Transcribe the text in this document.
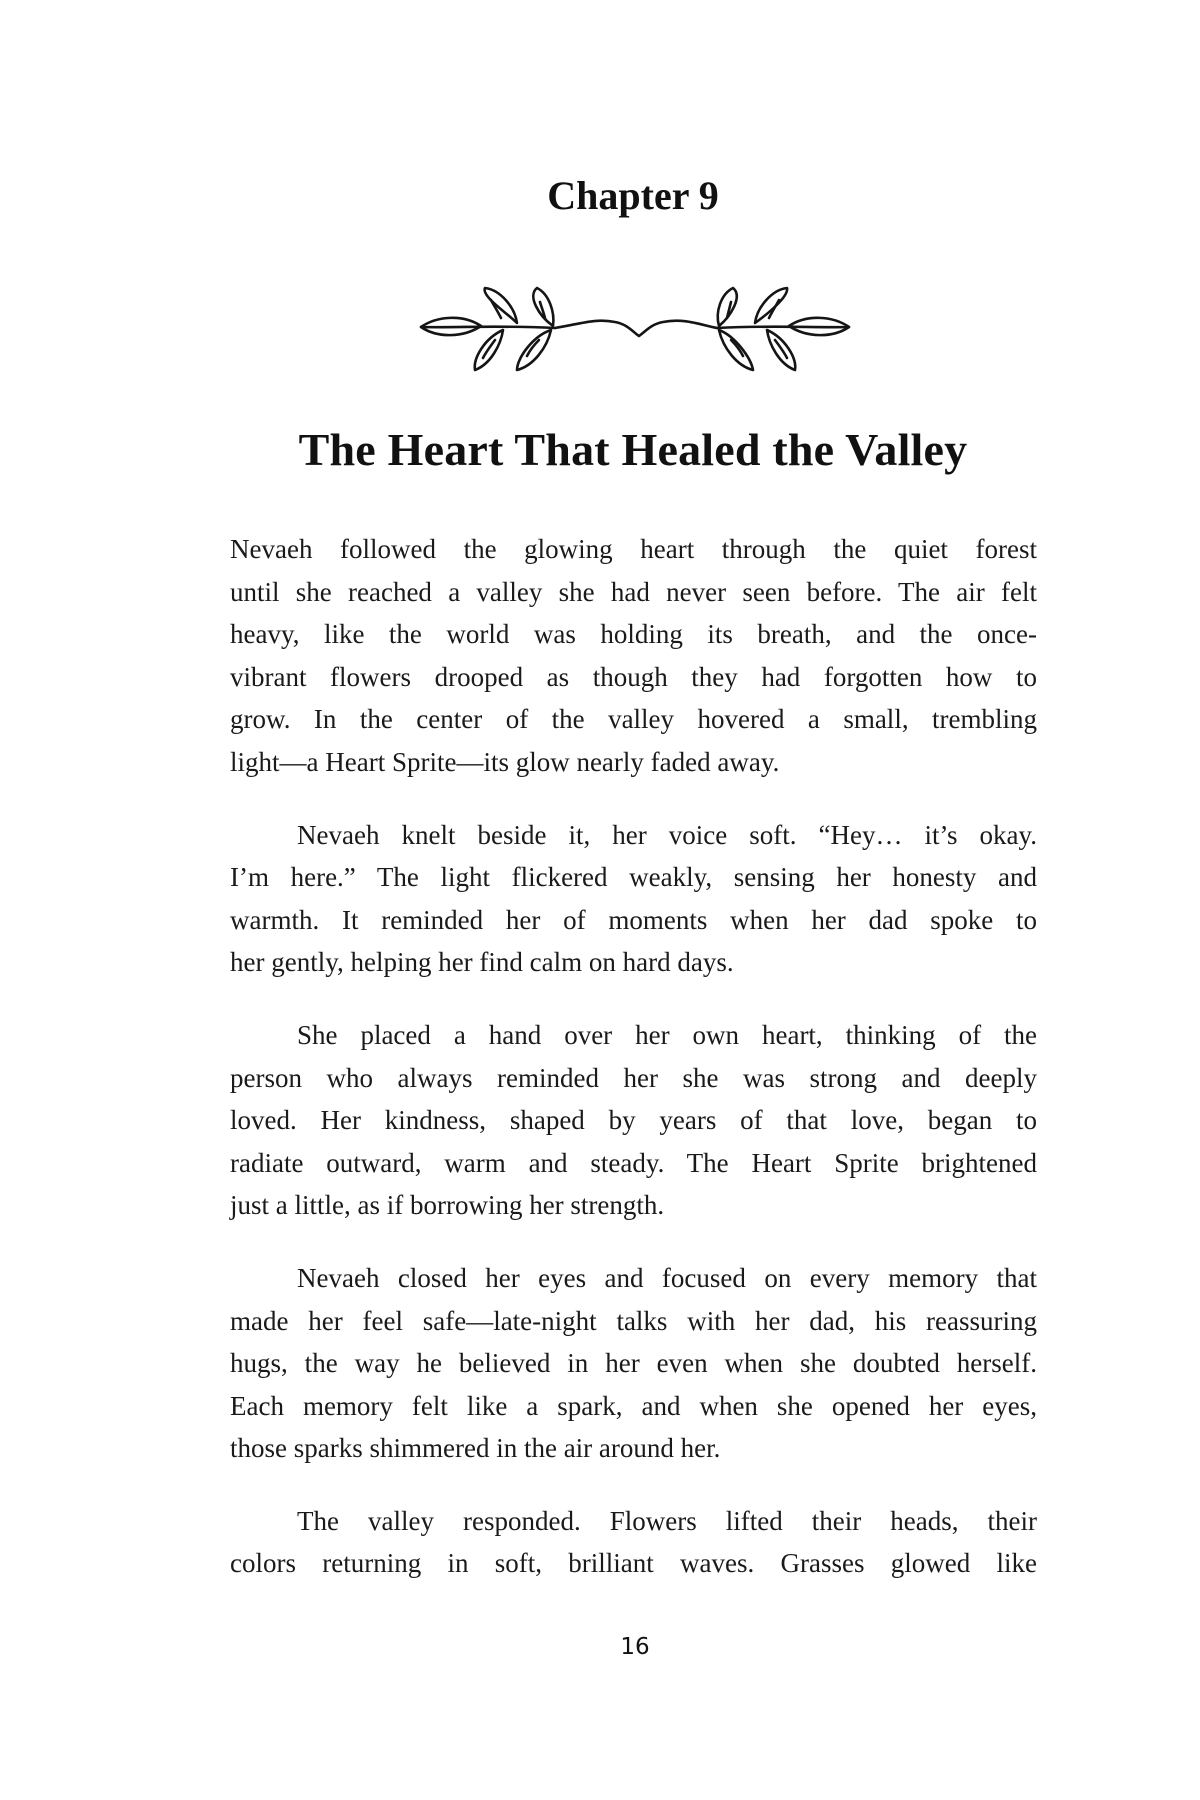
Chapter 9
The Heart That Healed the Valley

Nevaeh followed the glowing heart through the quiet forest
until she reached a valley she had never seen before. The air felt
heavy, like the world was holding its breath, and the once-
vibrant flowers drooped as though they had forgotten how to
grow. In the center of the valley hovered a small, trembling
light—a Heart Sprite—its glow nearly faded away.

Nevaeh knelt beside it, her voice soft. “Hey… it’s okay.
I’m here.” The light flickered weakly, sensing her honesty and
warmth. It reminded her of moments when her dad spoke to
her gently, helping her find calm on hard days.

She placed a hand over her own heart, thinking of the
person who always reminded her she was strong and deeply
loved. Her kindness, shaped by years of that love, began to
radiate outward, warm and steady. The Heart Sprite brightened
just a little, as if borrowing her strength.

Nevaeh closed her eyes and focused on every memory that
made her feel safe—late-night talks with her dad, his reassuring
hugs, the way he believed in her even when she doubted herself.
Each memory felt like a spark, and when she opened her eyes,
those sparks shimmered in the air around her.

The valley responded. Flowers lifted their heads, their
colors returning in soft, brilliant waves. Grasses glowed like

16
